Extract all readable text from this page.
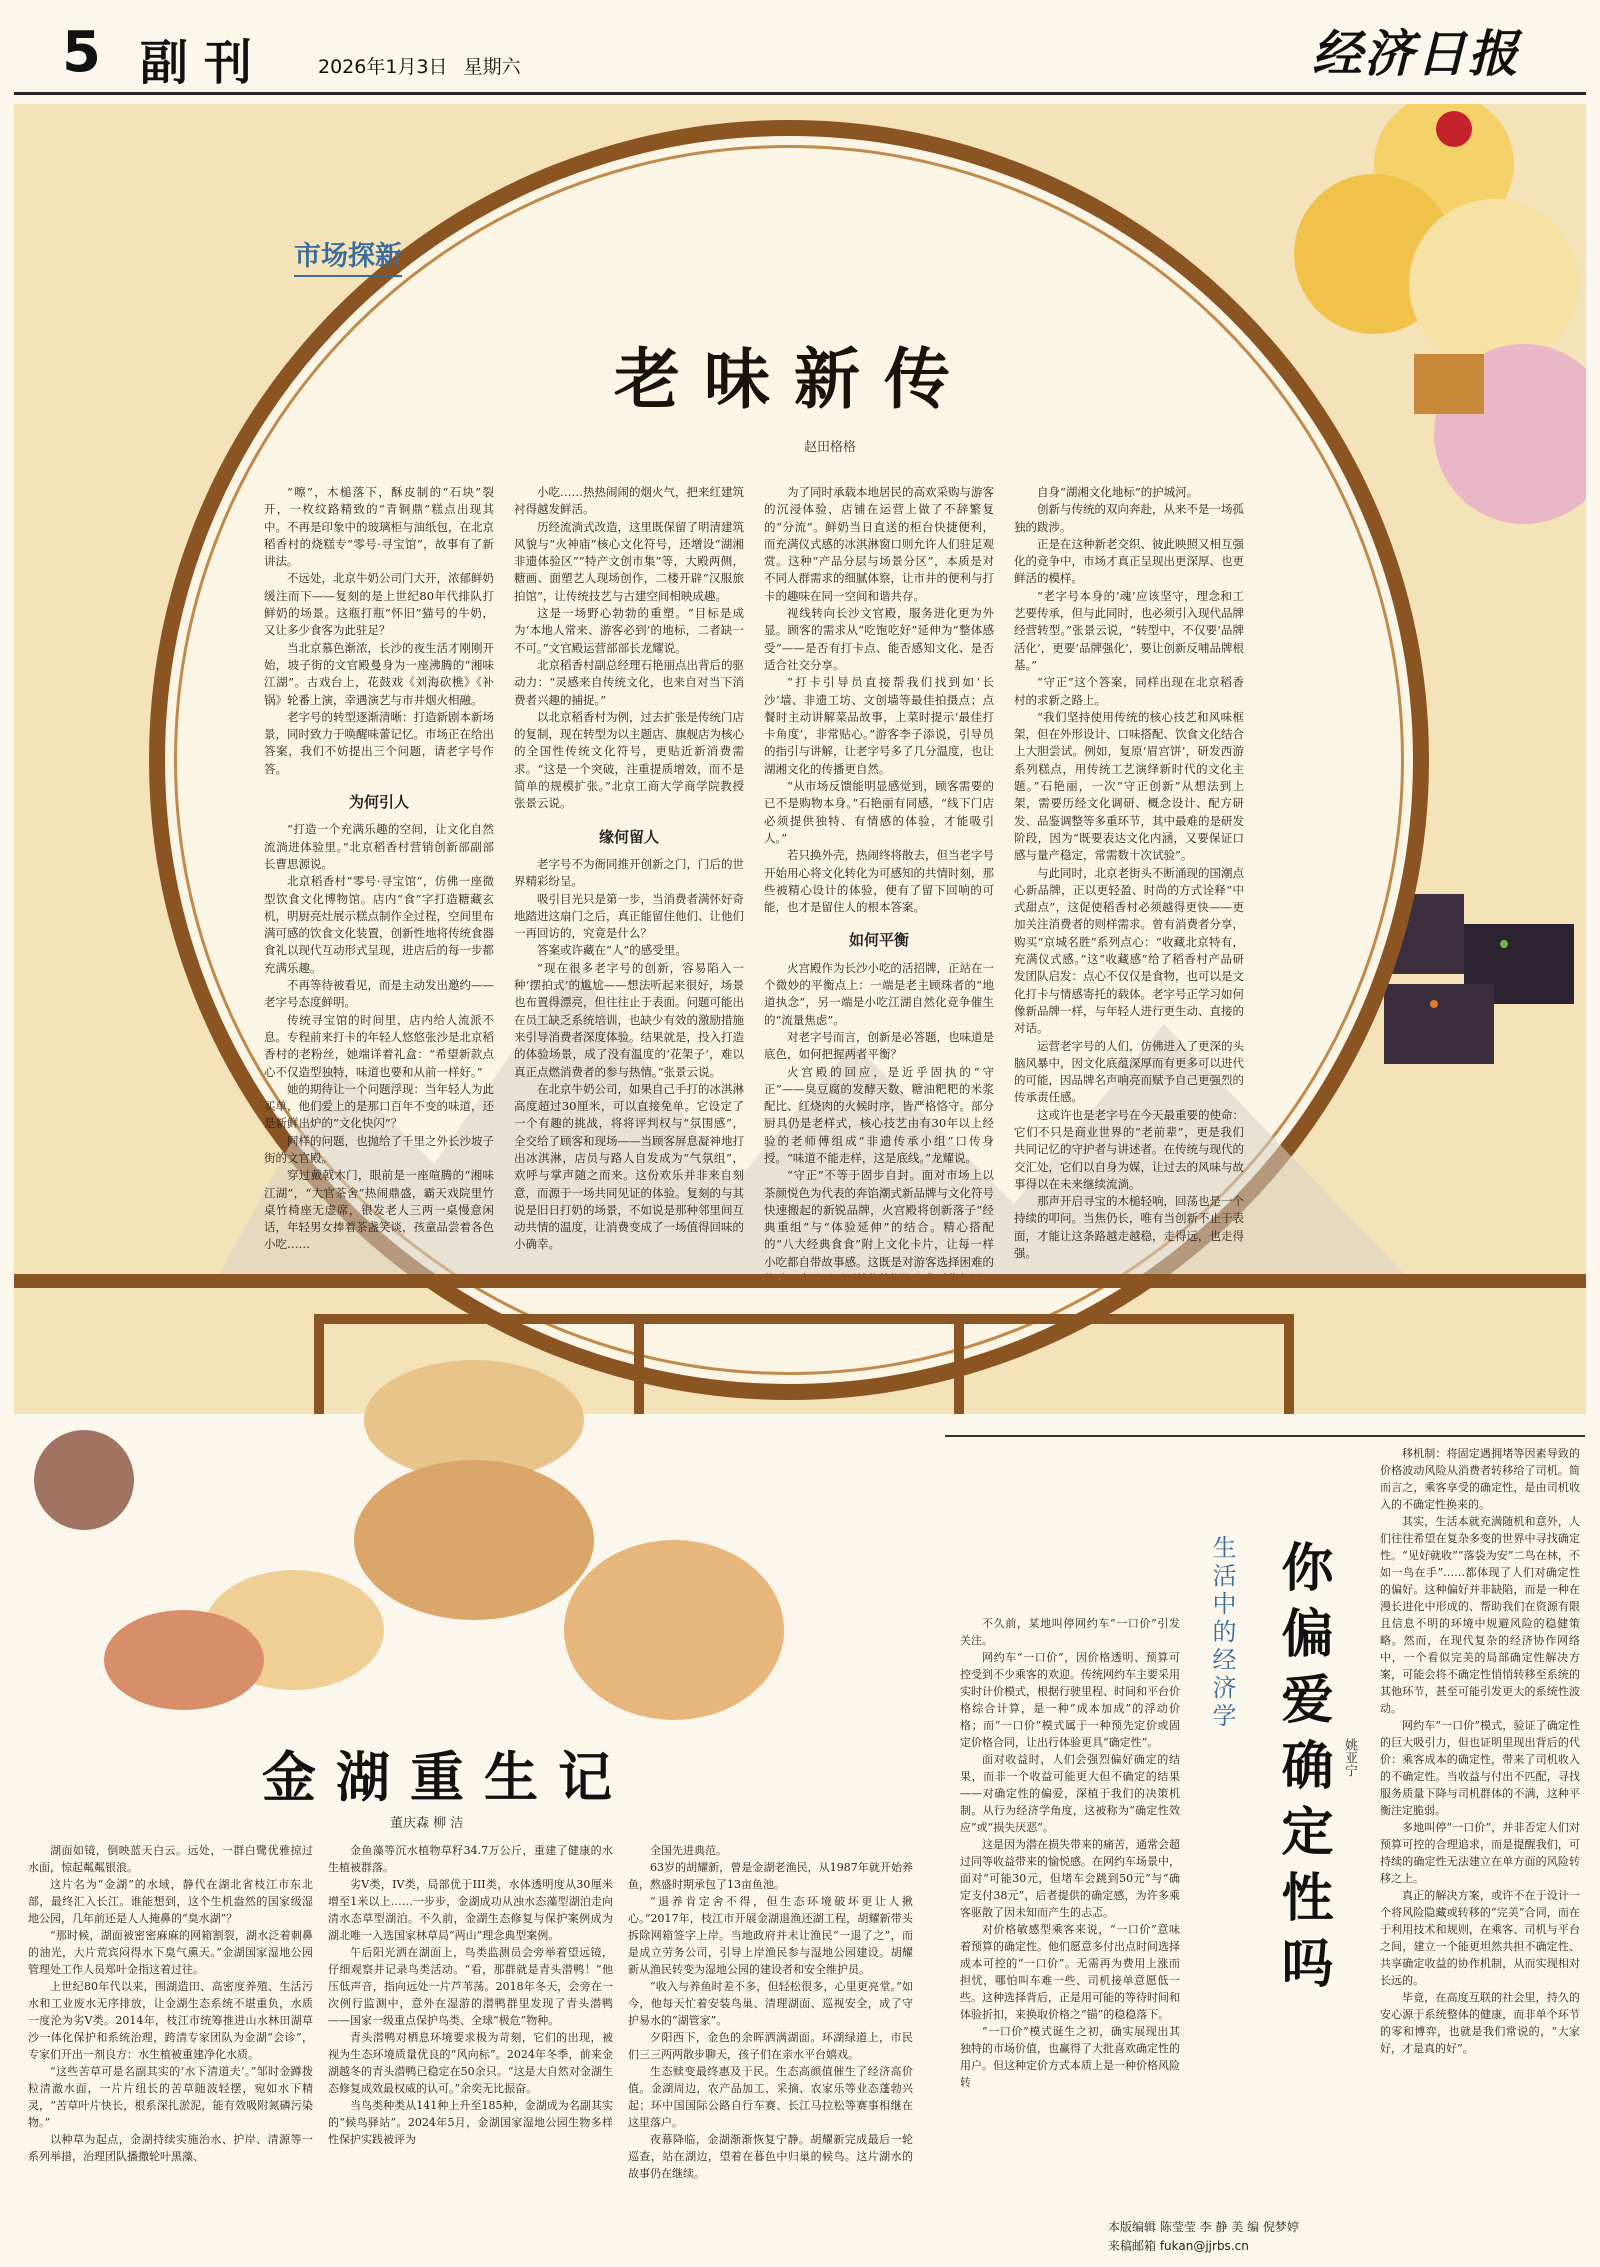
5 副刊	2026年1月3日 星期六	经济日报
市场探新
老味新传
赵田格格

“嚓”，木槌落下，酥皮制的“石块”裂开，一枚纹路精致的“青铜鼎”糕点出现其中。不再是印象中的玻璃柜与油纸包，在北京稻香村的烧糕专“零号·寻宝馆”，故事有了新讲法。

不远处，北京牛奶公司门大开，浓郁鲜奶缓注而下——复刻的是上世纪80年代排队打鲜奶的场景。这瓶打瓶“怀旧”猫号的牛奶，又让多少食客为此驻足？

当北京慕色渐浓，长沙的夜生活才刚刚开始，坡子街的文官殿曼身为一座沸腾的“湘味江湖”。古戏台上，花鼓戏《刘海砍樵》《补锅》轮番上演，幸遇演艺与市井烟火相融。

老字号的转型逐渐清晰：打造新剧本新场景，同时致力于唤醒味蕾记忆。市场正在给出答案，我们不妨提出三个问题，请老字号作答。

为何引人

“打造一个充满乐趣的空间，让文化自然流淌进体验里。”北京稻香村营销创新部副部长曹思源说。

北京稻香村“零号·寻宝馆”，仿佛一座微型饮食文化博物馆。店内“食”字打造糖藏玄机，明厨亮灶展示糕点制作全过程，空间里布满可感的饮食文化装置，创新性地将传统食器食礼以现代互动形式呈现，进店后的每一步都充满乐趣。

不再等待被看见，而是主动发出邀约——老字号态度鲜明。

传统寻宝馆的时间里，店内给人流派不息。专程前来打卡的年轻人悠悠张沙是北京稻香村的老粉丝，她端详着礼盒：“希望新款点心不仅造型独特，味道也要和从前一样好。”

她的期待让一个问题浮现：当年轻人为此买单，他们爱上的是那口百年不变的味道，还是新鲜出炉的“文化快闪”？

同样的问题，也抛给了千里之外长沙坡子街的文官殿。

穿过戴戟木门，眼前是一座喧腾的“湘味江湖”，“大官茶舍”热闹鼎盛，霸天戏院里竹桌竹椅座无虚席，银发老人三两一桌慢意闲话，年轻男女捧着茶盏笑谈，孩童品尝着各色小吃……

小吃……热热闹闹的烟火气，把来红建筑衬得越发鲜活。

历经流淌式改造，这里既保留了明清建筑风貌与“火神庙”核心文化符号，还增设“湖湘非遗体验区”“特产文创市集”等，大殿两侧，糖画、面塑艺人现场创作，二楼开辟“汉服旅拍馆”，让传统技艺与古建空间相映成趣。

这是一场野心勃勃的重塑。“目标是成为‘本地人常来、游客必到’的地标，二者缺一不可。”文官殿运营部部长龙耀说。

北京稻香村副总经理石艳丽点出背后的驱动力：“灵感来自传统文化，也来自对当下消费者兴趣的捕捉。”

以北京稻香村为例，过去扩张是传统门店的复制，现在转型为以主题店、旗舰店为核心的全国性传统文化符号，更贴近新消费需求。“这是一个突破，注重提质增效，而不是简单的规模扩张。”北京工商大学商学院教授张景云说。

缘何留人

老字号不为衙同推开创新之门，门后的世界精彩纷呈。

吸引目光只是第一步，当消费者满怀好奇地踏进这扇门之后，真正能留住他们、让他们一再回访的，究竟是什么？

答案或许藏在“人”的感受里。

“现在很多老字号的创新，容易陷入一种‘摆拍式’的尴尬——想法听起来很好，场景也布置得漂亮，但往往止于表面。问题可能出在员工缺乏系统培训，也缺少有效的激励措施来引导消费者深度体验。结果就是，投入打造的体验场景，成了没有温度的‘花架子’，难以真正点燃消费者的参与热情。”张景云说。

在北京牛奶公司，如果自己手打的冰淇淋高度超过30厘米，可以直接免单。它设定了一个有趣的挑战，将将评判权与“氛围感”，全交给了顾客和现场——当顾客屏息凝神地打出冰淇淋，店员与路人自发成为“气氛组”，欢呼与掌声随之而来。这份欢乐并非来自刻意，而源于一场共同见证的体验。复刻的与其说是旧日打奶的场景，不如说是那种邻里间互动共情的温度，让消费变成了一场值得回味的小确幸。

为了同时承载本地居民的高欢采购与游客的沉浸体验，店铺在运营上做了不辞繁复的“分流”。鲜奶当日直送的柜台快捷便利，而充满仪式感的冰淇淋窗口则允许人们驻足观赏。这种“产品分层与场景分区”，本质是对不同人群需求的细腻体察，让市井的便利与打卡的趣味在同一空间和谐共存。

视线转向长沙文官殿，服务进化更为外显。顾客的需求从“吃饱吃好”延伸为“整体感受”——是否有打卡点、能否感知文化、是否适合社交分享。

“打卡引导员直接帮我们找到如‘长沙’墙、非遗工坊、文创墙等最佳拍摄点；点餐时主动讲解菜品故事，上菜时提示‘最佳打卡角度’，非常贴心。”游客李子添说，引导员的指引与讲解，让老字号多了几分温度，也让湖湘文化的传播更自然。

“从市场反馈能明显感觉到，顾客需要的已不是购物本身。”石艳丽有同感，“线下门店必须提供独特、有情感的体验，才能吸引人。”

若只换外壳，热闹终将散去，但当老字号开始用心将文化转化为可感知的共情时刻，那些被精心设计的体验，便有了留下回响的可能，也才是留住人的根本答案。

如何平衡

火宫殿作为长沙小吃的活招牌，正站在一个微妙的平衡点上：一端是老主顾珠者的“地道执念”，另一端是小吃江湖自然化竞争催生的“流量焦虑”。

对老字号而言，创新是必答题，也味道是底色，如何把握两者平衡？

火宫殿的回应，是近乎固执的“守正”——臭豆腐的发酵天数、糖油粑粑的米浆配比、红烧肉的火候时序，皆严格恪守。部分厨具仍是老样式，核心技艺由有30年以上经验的老师傅组成“非遗传承小组”口传身授。“味道不能走样，这是底线。”龙耀说。

“守正”不等于固步自封。面对市场上以茶颜悦色为代表的奔馅潮式新品牌与文化符号快速搬起的新锐品牌，火宫殿将创新落子“经典重组”与“体验延伸”的结合。精心搭配的“八大经典食食”附上文化卡片，让每一样小吃都自带故事感。这既是对游客选择困难的

自身“湖湘文化地标”的护城河。

创新与传统的双向奔赴，从来不是一场孤独的跋涉。

正是在这种新老交织、彼此映照又相互强化的竞争中，市场才真正呈现出更深厚、也更鲜活的模样。

“老字号本身的‘魂’应该坚守，理念和工艺要传承，但与此同时，也必须引入现代品牌经营转型。”张景云说，“转型中，不仅要‘品牌活化’，更要‘品牌强化’，要让创新反哺品牌根基。”

“守正”这个答案，同样出现在北京稻香村的求新之路上。

“我们坚持使用传统的核心技艺和风味框架，但在外形设计、口味搭配、饮食文化结合上大胆尝试。例如，复原‘眉宫饼’，研发西游系列糕点，用传统工艺演绎新时代的文化主题。”石艳丽，一次“守正创新”从想法到上架，需要历经文化调研、概念设计、配方研发、品鉴调整等多重环节，其中最难的是研发阶段，因为“既要表达文化内涵，又要保证口感与量产稳定，常需数十次试验”。

与此同时，北京老街头不断涌现的国潮点心新品牌，正以更轻盈、时尚的方式诠释“中式甜点”，这促使稻香村必须越得更快——更加关注消费者的则样需求。曾有消费者分享，购买“京城名胜”系列点心：“收藏北京特有，充满仪式感。”这“收藏感”给了稻香村产品研发团队启发：点心不仅仅是食物，也可以是文化打卡与情感寄托的载体。老字号正学习如何像新品牌一样，与年轻人进行更生动、直接的对话。

运营老字号的人们，仿佛进入了更深的头脑风暴中，因文化底蕴深厚而有更多可以进代的可能，因品牌名声响亮而赋予自己更强烈的传承责任感。

这或许也是老字号在今天最重要的使命：它们不只是商业世界的“老前辈”，更是我们共同记忆的守护者与讲述者。在传统与现代的交汇处，它们以自身为媒，让过去的风味与故事得以在未来继续流淌。

那声开启寻宝的木槌轻响，回荡也是一个持续的叩问。当焦仍长，唯有当创新不止于表面，才能让这条路越走越稳，走得远，也走得强。

金湖重生记
董庆森 柳 洁

湖面如镜，倒映蓝天白云。远处，一群白鹭优雅掠过水面，惊起粼粼银浪。

这片名为“金湖”的水域，静代在湖北省枝江市东北部，最终汇入长江。谁能想到，这个生机盎然的国家级湿地公园，几年前还是人人掩鼻的“臭水湖”？

“那时候，湖面被密密麻麻的网箱割裂，湖水泛着刺鼻的油光，大片荒宾闷得水下臭气熏天。”金湖国家湿地公园管理处工作人员郑叶金指这着过往。

上世纪80年代以来，围湖造田、高密度养殖、生活污水和工业废水无序排放，让金湖生态系统不堪重负，水质一度沦为劣V类。2014年，枝江市统筹推进山水林田湖草沙一体化保护和系统治理，跨清专家团队为金湖“会诊”，专家们开出一剂良方：水生植被重建净化水质。

“这些苦草可是名副其实的‘水下清道夫’。”邹时金蹲拨粒清澈水面，一片片纽长的苦草随波轻摆，宛如水下精灵，“苦草叶片快长，根系深扎淤泥，能有效吸附氮磷污染物。”

以种草为起点，金湖持续实施治水、护岸、清源等一系列举措，治理团队播撒轮叶黑藻、

金鱼藻等沉水植物草籽34.7万公斤，重建了健康的水生植被群落。

劣V类，IV类，局部优于III类，水体透明度从30厘米增至1米以上……一步步，金湖成功从浊水态藻型湖泊走向清水态草型湖泊。不久前，金湖生态修复与保护案例成为湖北唯一入选国家林草局“两山”理念典型案例。

午后阳光洒在湖面上，鸟类监测员会旁举着望远镜，仔细观察并记录鸟类活动。“看，那群就是青头潜鸭！”他压低声音，指向远处一片芦苇荡。2018年冬天，会旁在一次例行监测中，意外在湿游的潜鸭群里发现了青头潜鸭——国家一级重点保护鸟类、全球“极危”物种。

青头潜鸭对栖息环境要求极为苛刻，它们的出现，被视为生态环境质量优良的“风向标”。2024年冬季，前来金湖越冬的青头潜鸭已稳定在50余只。“这是大自然对金湖生态修复成效最权威的认可。”余奕无比振奋。

当鸟类种类从141种上升至185种，金湖成为名副其实的“候鸟驿站”。2024年5月，金湖国家湿地公园生物多样性保护实践被评为

全国先进典范。

63岁的胡耀新，曾是金湖老渔民，从1987年就开始养鱼，熬盛时期承包了13亩鱼池。

“退养肯定舍不得，但生态环境破坏更让人揪心。”2017年，枝江市开展金湖退渔还湖工程，胡耀新带头拆除网箱签字上岸。当地政府并未让渔民“一退了之”，而是成立劳务公司，引导上岸渔民参与湿地公园建设。胡耀新从渔民转变为湿地公园的建设者和安全维护员。

“收入与养鱼时差不多，但轻松很多，心里更亮堂。”如今，他每天忙着安装鸟巢、清理湖面、巡视安全，成了守护易水的“湖管家”。

夕阳西下，金色的余晖洒满湖面。环湖绿道上，市民们三三两两散步聊天，孩子们在亲水平台嬉戏。

生态赎变最终惠及于民。生态高颜值催生了经济高价值。金湖周边，农产品加工、采摘、农家乐等业态蓬勃兴起；环中国国际公路自行车赛、长江马拉松等赛事相继在这里落户。

夜幕降临，金湖渐渐恢复宁静。胡耀新完成最后一轮巡查，站在湖边，望着在暮色中归巢的候鸟。这片湖水的故事仍在继续。

生活中的经济学 你偏爱确定性吗 姚亚宁

不久前，某地叫停网约车“一口价”引发关注。

网约车“一口价”，因价格透明、预算可控受到不少乘客的欢迎。传统网约车主要采用实时计价模式，根据行驶里程、时间和平台价格综合计算，是一种“成本加成”的浮动价格；而“一口价”模式属于一种预先定价或固定价格合同，让出行体验更具“确定性”。

面对收益时，人们会强烈偏好确定的结果，而非一个收益可能更大但不确定的结果——对确定性的偏爱，深植于我们的决策机制。从行为经济学角度，这被称为“确定性效应”或“损失厌恶”。

这是因为潜在损失带来的痛苦，通常会超过同等收益带来的愉悦感。在网约车场景中，面对“可能30元，但堵车会跳到50元”与“确定支付38元”，后者提供的确定感，为许多乘客驱散了因未知而产生的忐忑。

对价格敏感型乘客来说，“一口价”意味着预算的确定性。他们愿意多付出点时间选择成本可控的“一口价”。无需再为费用上涨而担忧，哪怕叫车难一些、司机接单意愿低一些。这种选择背后，正是用可能的等待时间和体验折扣，来换取价格之“锚”的稳稳落下。

“一口价”模式诞生之初，确实展现出其独特的市场价值，也赢得了大批喜欢确定性的用户。但这种定价方式本质上是一种价格风险转

移机制：将固定遇拥堵等因素导致的价格波动风险从消费者转移给了司机。简而言之，乘客享受的确定性，是由司机收入的不确定性换来的。

其实，生活本就充满随机和意外，人们往往希望在复杂多变的世界中寻找确定性。“见好就收”“落袋为安”二鸟在林，不如一鸟在手”……都体现了人们对确定性的偏好。这种偏好并非缺陷，而是一种在漫长进化中形成的、帮助我们在资源有限且信息不明的环境中规避风险的稳健策略。然而，在现代复杂的经济协作网络中，一个看似完美的局部确定性解决方案，可能会将不确定性悄悄转移至系统的其他环节，甚至可能引发更大的系统性波动。

网约车“一口价”模式，验证了确定性的巨大吸引力，但也证明里现出背后的代价：乘客成本的确定性，带来了司机收入的不确定性。当收益与付出不匹配，寻找服务质量下降与司机群体的不满，这种平衡注定脆弱。

多地叫停“一口价”，并非否定人们对预算可控的合理追求，而是提醒我们，可持续的确定性无法建立在单方面的风险转移之上。

真正的解决方案，或许不在于设计一个将风险隐藏或转移的“完美”合同，而在于利用技术和规则，在乘客、司机与平台之间，建立一个能更坦然共担不确定性、共享确定收益的协作机制，从而实现相对长远的。

毕竟，在高度互联的社会里，持久的安心源于系统整体的健康，而非单个环节的零和博弈，也就是我们常说的，“大家好，才是真的好”。

本版编辑 陈莹莹 李 静 美 编 倪梦婷
来稿邮箱 fukan@jjrbs.cn
